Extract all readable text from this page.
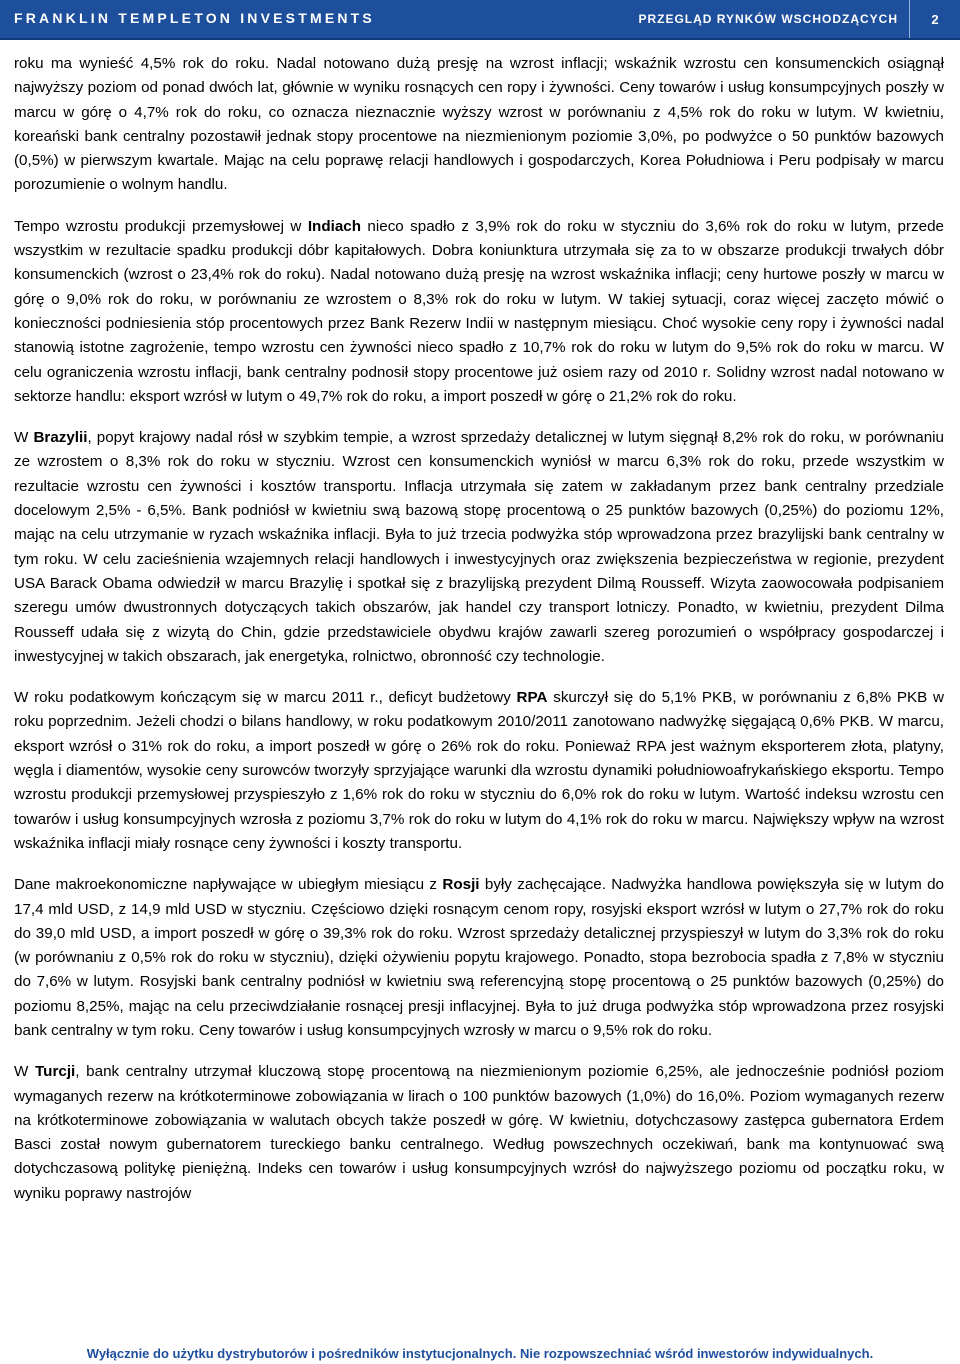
FRANKLIN TEMPLETON INVESTMENTS	PRZEGLĄD RYNKÓW WSCHODZĄCYCH	2

roku ma wynieść 4,5% rok do roku. Nadal notowano dużą presję na wzrost inflacji; wskaźnik wzrostu cen konsumenckich osiągnął najwyższy poziom od ponad dwóch lat, głównie w wyniku rosnących cen ropy i żywności. Ceny towarów i usług konsumpcyjnych poszły w marcu w górę o 4,7% rok do roku, co oznacza nieznacznie wyższy wzrost w porównaniu z 4,5% rok do roku w lutym. W kwietniu, koreański bank centralny pozostawił jednak stopy procentowe na niezmienionym poziomie 3,0%, po podwyżce o 50 punktów bazowych (0,5%) w pierwszym kwartale. Mając na celu poprawę relacji handlowych i gospodarczych, Korea Południowa i Peru podpisały w marcu porozumienie o wolnym handlu.

Tempo wzrostu produkcji przemysłowej w Indiach nieco spadło z 3,9% rok do roku w styczniu do 3,6% rok do roku w lutym, przede wszystkim w rezultacie spadku produkcji dóbr kapitałowych. Dobra koniunktura utrzymała się za to w obszarze produkcji trwałych dóbr konsumenckich (wzrost o 23,4% rok do roku). Nadal notowano dużą presję na wzrost wskaźnika inflacji; ceny hurtowe poszły w marcu w górę o 9,0% rok do roku, w porównaniu ze wzrostem o 8,3% rok do roku w lutym. W takiej sytuacji, coraz więcej zaczęto mówić o konieczności podniesienia stóp procentowych przez Bank Rezerw Indii w następnym miesiącu. Choć wysokie ceny ropy i żywności nadal stanowią istotne zagrożenie, tempo wzrostu cen żywności nieco spadło z 10,7% rok do roku w lutym do 9,5% rok do roku w marcu. W celu ograniczenia wzrostu inflacji, bank centralny podnosił stopy procentowe już osiem razy od 2010 r. Solidny wzrost nadal notowano w sektorze handlu: eksport wzrósł w lutym o 49,7% rok do roku, a import poszedł w górę o 21,2% rok do roku.

W Brazylii, popyt krajowy nadal rósł w szybkim tempie, a wzrost sprzedaży detalicznej w lutym sięgnął 8,2% rok do roku, w porównaniu ze wzrostem o 8,3% rok do roku w styczniu. Wzrost cen konsumenckich wyniósł w marcu 6,3% rok do roku, przede wszystkim w rezultacie wzrostu cen żywności i kosztów transportu. Inflacja utrzymała się zatem w zakładanym przez bank centralny przedziale docelowym 2,5% - 6,5%. Bank podniósł w kwietniu swą bazową stopę procentową o 25 punktów bazowych (0,25%) do poziomu 12%, mając na celu utrzymanie w ryzach wskaźnika inflacji. Była to już trzecia podwyżka stóp wprowadzona przez brazylijski bank centralny w tym roku. W celu zacieśnienia wzajemnych relacji handlowych i inwestycyjnych oraz zwiększenia bezpieczeństwa w regionie, prezydent USA Barack Obama odwiedził w marcu Brazylię i spotkał się z brazylijską prezydent Dilmą Rousseff. Wizyta zaowocowała podpisaniem szeregu umów dwustronnych dotyczących takich obszarów, jak handel czy transport lotniczy. Ponadto, w kwietniu, prezydent Dilma Rousseff udała się z wizytą do Chin, gdzie przedstawiciele obydwu krajów zawarli szereg porozumień o współpracy gospodarczej i inwestycyjnej w takich obszarach, jak energetyka, rolnictwo, obronność czy technologie.

W roku podatkowym kończącym się w marcu 2011 r., deficyt budżetowy RPA skurczył się do 5,1% PKB, w porównaniu z 6,8% PKB w roku poprzednim. Jeżeli chodzi o bilans handlowy, w roku podatkowym 2010/2011 zanotowano nadwyżkę sięgającą 0,6% PKB. W marcu, eksport wzrósł o 31% rok do roku, a import poszedł w górę o 26% rok do roku. Ponieważ RPA jest ważnym eksporterem złota, platyny, węgla i diamentów, wysokie ceny surowców tworzyły sprzyjające warunki dla wzrostu dynamiki południowoafrykańskiego eksportu. Tempo wzrostu produkcji przemysłowej przyspieszyło z 1,6% rok do roku w styczniu do 6,0% rok do roku w lutym. Wartość indeksu wzrostu cen towarów i usług konsumpcyjnych wzrosła z poziomu 3,7% rok do roku w lutym do 4,1% rok do roku w marcu. Największy wpływ na wzrost wskaźnika inflacji miały rosnące ceny żywności i koszty transportu.

Dane makroekonomiczne napływające w ubiegłym miesiącu z Rosji były zachęcające. Nadwyżka handlowa powiększyła się w lutym do 17,4 mld USD, z 14,9 mld USD w styczniu. Częściowo dzięki rosnącym cenom ropy, rosyjski eksport wzrósł w lutym o 27,7% rok do roku do 39,0 mld USD, a import poszedł w górę o 39,3% rok do roku. Wzrost sprzedaży detalicznej przyspieszył w lutym do 3,3% rok do roku (w porównaniu z 0,5% rok do roku w styczniu), dzięki ożywieniu popytu krajowego. Ponadto, stopa bezrobocia spadła z 7,8% w styczniu do 7,6% w lutym. Rosyjski bank centralny podniósł w kwietniu swą referencyjną stopę procentową o 25 punktów bazowych (0,25%) do poziomu 8,25%, mając na celu przeciwdziałanie rosnącej presji inflacyjnej. Była to już druga podwyżka stóp wprowadzona przez rosyjski bank centralny w tym roku. Ceny towarów i usług konsumpcyjnych wzrosły w marcu o 9,5% rok do roku.

W Turcji, bank centralny utrzymał kluczową stopę procentową na niezmienionym poziomie 6,25%, ale jednocześnie podniósł poziom wymaganych rezerw na krótkoterminowe zobowiązania w lirach o 100 punktów bazowych (1,0%) do 16,0%. Poziom wymaganych rezerw na krótkoterminowe zobowiązania w walutach obcych także poszedł w górę. W kwietniu, dotychczasowy zastępca gubernatora Erdem Basci został nowym gubernatorem tureckiego banku centralnego. Według powszechnych oczekiwań, bank ma kontynuować swą dotychczasową politykę pieniężną. Indeks cen towarów i usług konsumpcyjnych wzrósł do najwyższego poziomu od początku roku, w wyniku poprawy nastrojów

Wyłącznie do użytku dystrybutorów i pośredników instytucjonalnych. Nie rozpowszechniać wśród inwestorów indywidualnych.
